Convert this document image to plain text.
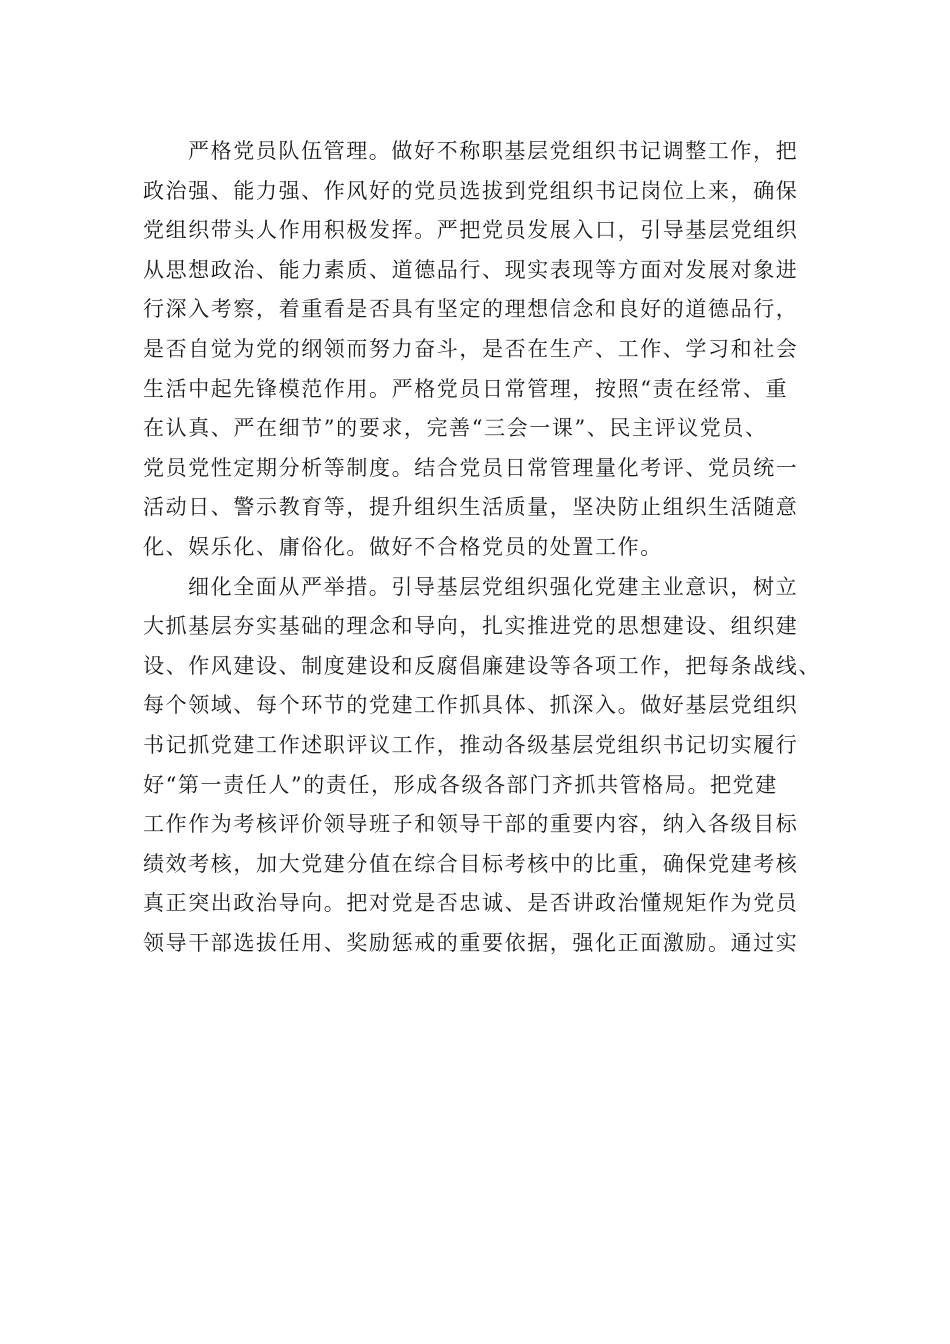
严格党员队伍管理。做好不称职基层党组织书记调整工作，把
政治强、能力强、作风好的党员选拔到党组织书记岗位上来，确保
党组织带头人作用积极发挥。严把党员发展入口，引导基层党组织
从思想政治、能力素质、道德品行、现实表现等方面对发展对象进
行深入考察，着重看是否具有坚定的理想信念和良好的道德品行，
是否自觉为党的纲领而努力奋斗，是否在生产、工作、学习和社会
生活中起先锋模范作用。严格党员日常管理，按照“责在经常、重
在认真、严在细节”的要求，完善“三会一课”、民主评议党员、
党员党性定期分析等制度。结合党员日常管理量化考评、党员统一
活动日、警示教育等，提升组织生活质量，坚决防止组织生活随意
化、娱乐化、庸俗化。做好不合格党员的处置工作。

细化全面从严举措。引导基层党组织强化党建主业意识，树立
大抓基层夯实基础的理念和导向，扎实推进党的思想建设、组织建
设、作风建设、制度建设和反腐倡廉建设等各项工作，把每条战线、
每个领域、每个环节的党建工作抓具体、抓深入。做好基层党组织
书记抓党建工作述职评议工作，推动各级基层党组织书记切实履行
好“第一责任人”的责任，形成各级各部门齐抓共管格局。把党建
工作作为考核评价领导班子和领导干部的重要内容，纳入各级目标
绩效考核，加大党建分值在综合目标考核中的比重，确保党建考核
真正突出政治导向。把对党是否忠诚、是否讲政治懂规矩作为党员
领导干部选拔任用、奖励惩戒的重要依据，强化正面激励。通过实
